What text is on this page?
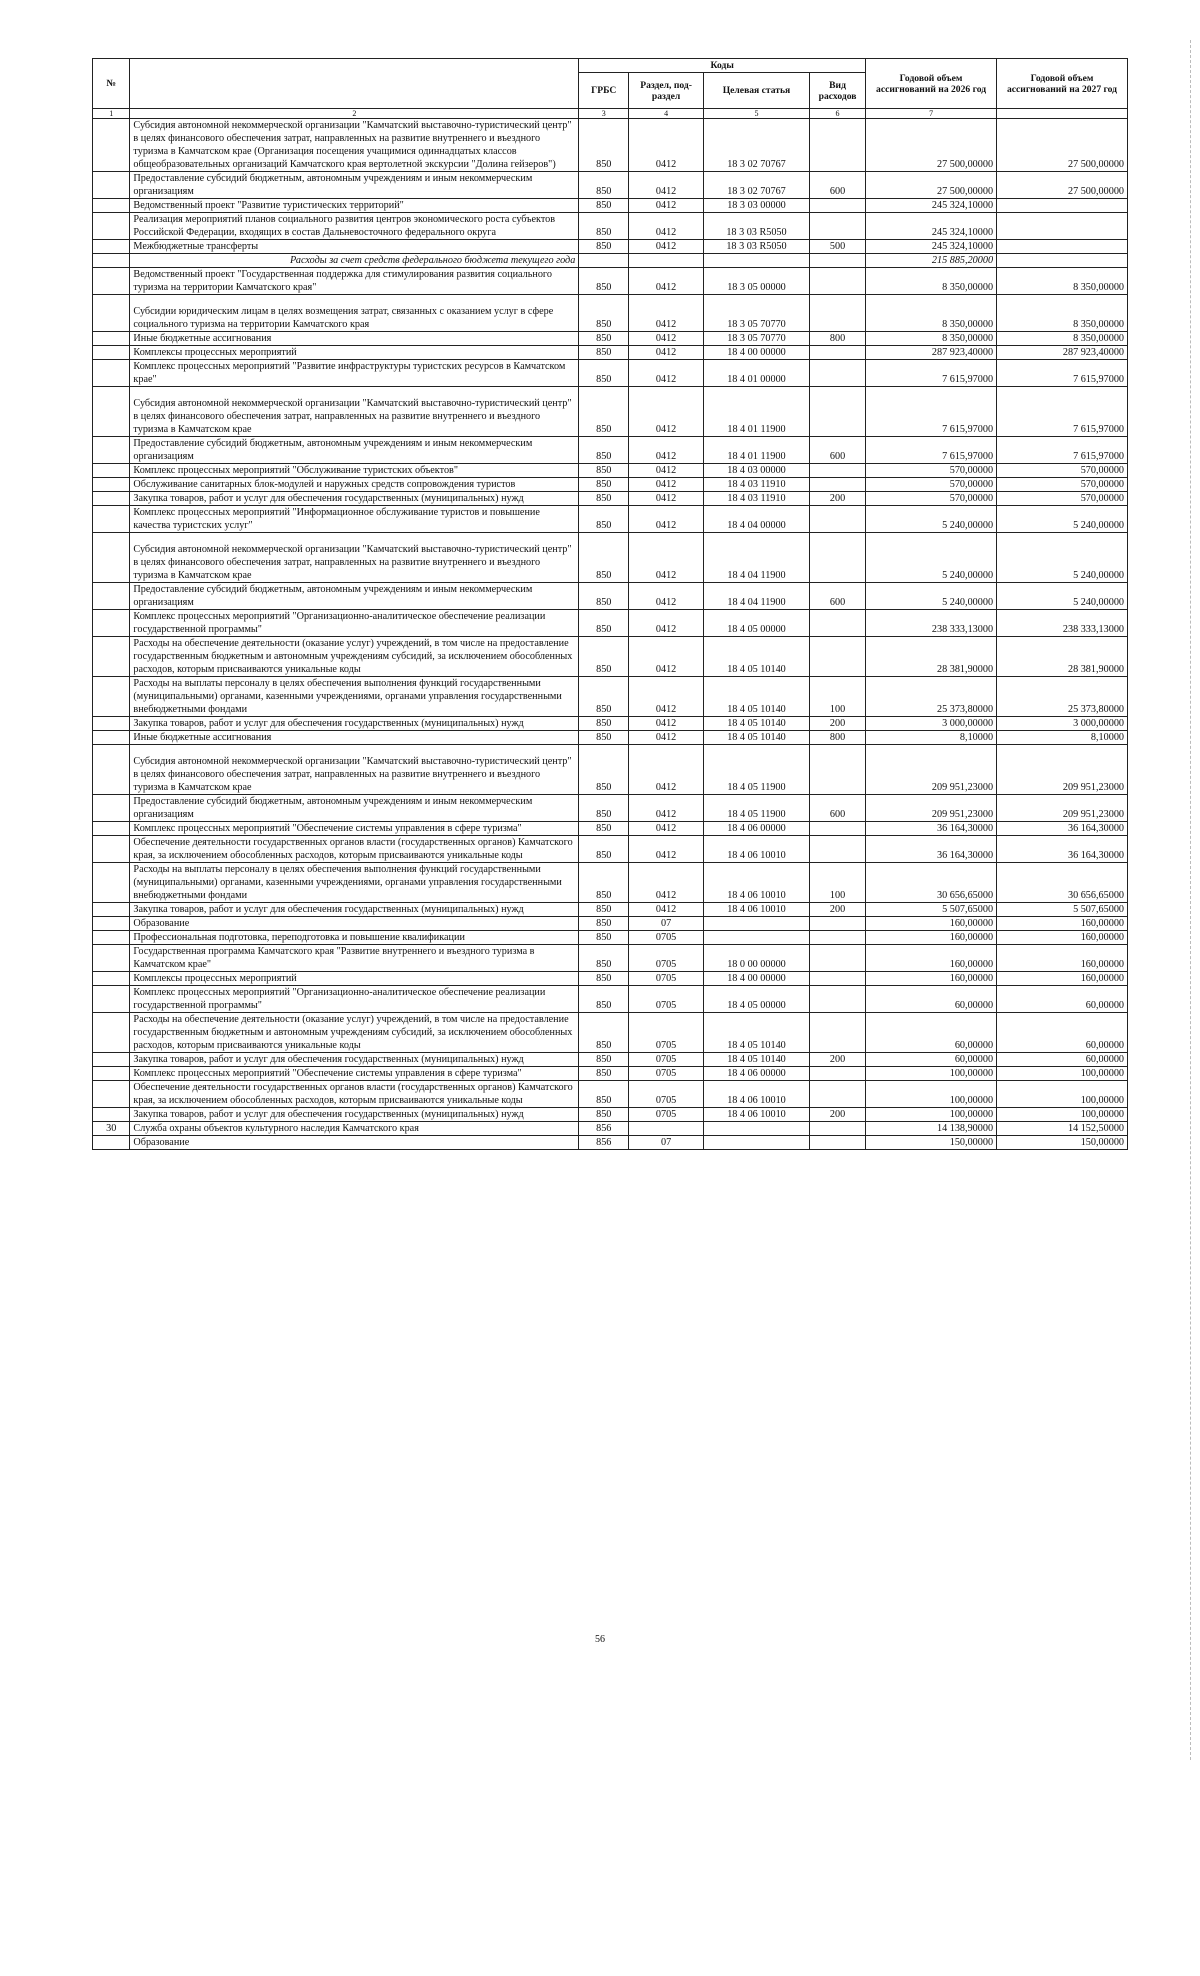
№		Коды				Годовой объем ассигнований на 2026 год	Годовой объем ассигнований на 2027 год
		ГРБС	Раздел, под-раздел	Целевая статья	Вид расходов		
1	2	3	4	5	6	7	
	Субсидия автономной некоммерческой организации "Камчатский выставочно-туристический центр" в целях финансового обеспечения затрат, направленных на развитие внутреннего и въездного туризма в Камчатском крае (Организация посещения учащимися одиннадцатых классов общеобразовательных организаций Камчатского края вертолетной экскурсии "Долина гейзеров")	850	0412	18 3 02 70767		27 500,00000	27 500,00000
	Предоставление субсидий бюджетным, автономным учреждениям и иным некоммерческим организациям	850	0412	18 3 02 70767	600	27 500,00000	27 500,00000
	Ведомственный проект "Развитие туристических территорий"	850	0412	18 3 03 00000		245 324,10000	
	Реализация мероприятий планов социального развития центров экономического роста субъектов Российской Федерации, входящих в состав Дальневосточного федерального округа	850	0412	18 3 03 R5050		245 324,10000	
	Межбюджетные трансферты	850	0412	18 3 03 R5050	500	245 324,10000	
	Расходы за счет средств федерального бюджета текущего года					215 885,20000	
	Ведомственный проект "Государственная поддержка для стимулирования развития социального туризма на территории Камчатского края"	850	0412	18 3 05 00000		8 350,00000	8 350,00000
	Субсидии юридическим лицам в целях возмещения затрат, связанных с оказанием услуг в сфере социального туризма на территории Камчатского края	850	0412	18 3 05 70770		8 350,00000	8 350,00000
	Иные бюджетные ассигнования	850	0412	18 3 05 70770	800	8 350,00000	8 350,00000
	Комплексы процессных мероприятий	850	0412	18 4 00 00000		287 923,40000	287 923,40000
	Комплекс процессных мероприятий "Развитие инфраструктуры туристских ресурсов в Камчатском крае"	850	0412	18 4 01 00000		7 615,97000	7 615,97000
	Субсидия автономной некоммерческой организации "Камчатский выставочно-туристический центр" в целях финансового обеспечения затрат, направленных на развитие внутреннего и въездного туризма в Камчатском крае	850	0412	18 4 01 11900		7 615,97000	7 615,97000
	Предоставление субсидий бюджетным, автономным учреждениям и иным некоммерческим организациям	850	0412	18 4 01 11900	600	7 615,97000	7 615,97000
	Комплекс процессных мероприятий "Обслуживание туристских объектов"	850	0412	18 4 03 00000		570,00000	570,00000
	Обслуживание санитарных блок-модулей и наружных средств сопровождения туристов	850	0412	18 4 03 11910		570,00000	570,00000
	Закупка товаров, работ и услуг для обеспечения государственных (муниципальных) нужд	850	0412	18 4 03 11910	200	570,00000	570,00000
	Комплекс процессных мероприятий "Информационное обслуживание туристов и повышение качества туристских услуг"	850	0412	18 4 04 00000		5 240,00000	5 240,00000
	Субсидия автономной некоммерческой организации "Камчатский выставочно-туристический центр" в целях финансового обеспечения затрат, направленных на развитие внутреннего и въездного туризма в Камчатском крае	850	0412	18 4 04 11900		5 240,00000	5 240,00000
	Предоставление субсидий бюджетным, автономным учреждениям и иным некоммерческим организациям	850	0412	18 4 04 11900	600	5 240,00000	5 240,00000
	Комплекс процессных мероприятий "Организационно-аналитическое обеспечение реализации государственной программы"	850	0412	18 4 05 00000		238 333,13000	238 333,13000
	Расходы на обеспечение деятельности (оказание услуг) учреждений, в том числе на предоставление государственным бюджетным и автономным учреждениям субсидий, за исключением обособленных расходов, которым присваиваются уникальные коды	850	0412	18 4 05 10140		28 381,90000	28 381,90000
	Расходы на выплаты персоналу в целях обеспечения выполнения функций государственными (муниципальными) органами, казенными учреждениями, органами управления государственными внебюджетными фондами	850	0412	18 4 05 10140	100	25 373,80000	25 373,80000
	Закупка товаров, работ и услуг для обеспечения государственных (муниципальных) нужд	850	0412	18 4 05 10140	200	3 000,00000	3 000,00000
	Иные бюджетные ассигнования	850	0412	18 4 05 10140	800	8,10000	8,10000
	Субсидия автономной некоммерческой организации "Камчатский выставочно-туристический центр" в целях финансового обеспечения затрат, направленных на развитие внутреннего и въездного туризма в Камчатском крае	850	0412	18 4 05 11900		209 951,23000	209 951,23000
	Предоставление субсидий бюджетным, автономным учреждениям и иным некоммерческим организациям	850	0412	18 4 05 11900	600	209 951,23000	209 951,23000
	Комплекс процессных мероприятий "Обеспечение системы управления в сфере туризма"	850	0412	18 4 06 00000		36 164,30000	36 164,30000
	Обеспечение деятельности государственных органов власти (государственных органов) Камчатского края, за исключением обособленных расходов, которым присваиваются уникальные коды	850	0412	18 4 06 10010		36 164,30000	36 164,30000
	Расходы на выплаты персоналу в целях обеспечения выполнения функций государственными (муниципальными) органами, казенными учреждениями, органами управления государственными внебюджетными фондами	850	0412	18 4 06 10010	100	30 656,65000	30 656,65000
	Закупка товаров, работ и услуг для обеспечения государственных (муниципальных) нужд	850	0412	18 4 06 10010	200	5 507,65000	5 507,65000
	Образование	850	07			160,00000	160,00000
	Профессиональная подготовка, переподготовка и повышение квалификации	850	0705			160,00000	160,00000
	Государственная программа Камчатского края "Развитие внутреннего и въездного туризма в Камчатском крае"	850	0705	18 0 00 00000		160,00000	160,00000
	Комплексы процессных мероприятий	850	0705	18 4 00 00000		160,00000	160,00000
	Комплекс процессных мероприятий "Организационно-аналитическое обеспечение реализации государственной программы"	850	0705	18 4 05 00000		60,00000	60,00000
	Расходы на обеспечение деятельности (оказание услуг) учреждений, в том числе на предоставление государственным бюджетным и автономным учреждениям субсидий, за исключением обособленных расходов, которым присваиваются уникальные коды	850	0705	18 4 05 10140		60,00000	60,00000
	Закупка товаров, работ и услуг для обеспечения государственных (муниципальных) нужд	850	0705	18 4 05 10140	200	60,00000	60,00000
	Комплекс процессных мероприятий "Обеспечение системы управления в сфере туризма"	850	0705	18 4 06 00000		100,00000	100,00000
	Обеспечение деятельности государственных органов власти (государственных органов) Камчатского края, за исключением обособленных расходов, которым присваиваются уникальные коды	850	0705	18 4 06 10010		100,00000	100,00000
	Закупка товаров, работ и услуг для обеспечения государственных (муниципальных) нужд	850	0705	18 4 06 10010	200	100,00000	100,00000
30	Служба охраны объектов культурного наследия Камчатского края	856				14 138,90000	14 152,50000
	Образование	856	07			150,00000	150,00000
56
